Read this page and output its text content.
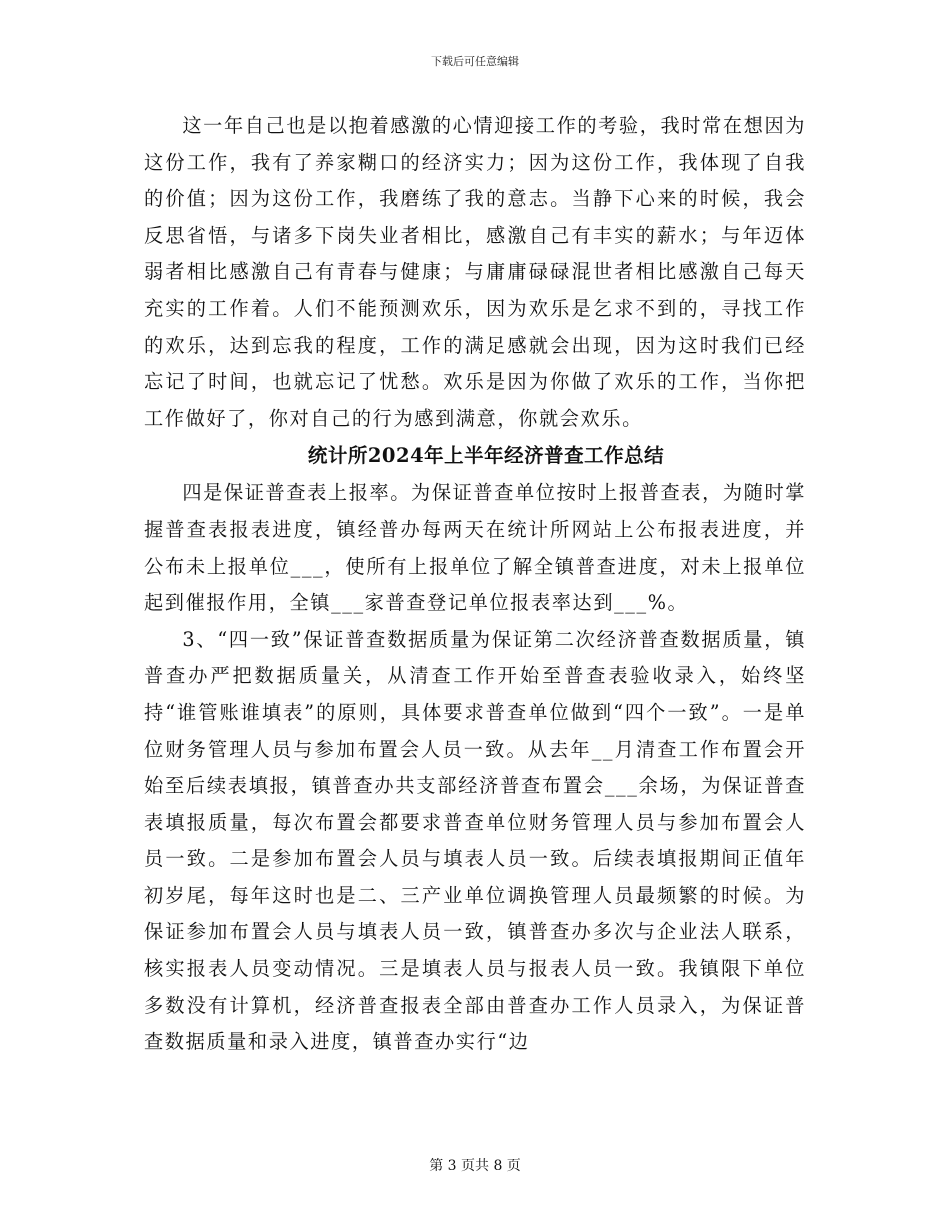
下载后可任意编辑

这一年自己也是以抱着感激的心情迎接工作的考验，我时常在想因为这份工作，我有了养家糊口的经济实力；因为这份工作，我体现了自我的价值；因为这份工作，我磨练了我的意志。当静下心来的时候，我会反思省悟，与诸多下岗失业者相比，感激自己有丰实的薪水；与年迈体弱者相比感激自己有青春与健康；与庸庸碌碌混世者相比感激自己每天充实的工作着。人们不能预测欢乐，因为欢乐是乞求不到的，寻找工作的欢乐，达到忘我的程度，工作的满足感就会出现，因为这时我们已经忘记了时间，也就忘记了忧愁。欢乐是因为你做了欢乐的工作，当你把工作做好了，你对自己的行为感到满意，你就会欢乐。

统计所2024年上半年经济普查工作总结

四是保证普查表上报率。为保证普查单位按时上报普查表，为随时掌握普查表报表进度，镇经普办每两天在统计所网站上公布报表进度，并公布未上报单位___，使所有上报单位了解全镇普查进度，对未上报单位起到催报作用，全镇___家普查登记单位报表率达到___%。

3、“四一致”保证普查数据质量为保证第二次经济普查数据质量，镇普查办严把数据质量关，从清查工作开始至普查表验收录入，始终坚持“谁管账谁填表”的原则，具体要求普查单位做到“四个一致”。一是单位财务管理人员与参加布置会人员一致。从去年__月清查工作布置会开始至后续表填报，镇普查办共支部经济普查布置会___余场，为保证普查表填报质量，每次布置会都要求普查单位财务管理人员与参加布置会人员一致。二是参加布置会人员与填表人员一致。后续表填报期间正值年初岁尾，每年这时也是二、三产业单位调换管理人员最频繁的时候。为保证参加布置会人员与填表人员一致，镇普查办多次与企业法人联系，核实报表人员变动情况。三是填表人员与报表人员一致。我镇限下单位多数没有计算机，经济普查报表全部由普查办工作人员录入，为保证普查数据质量和录入进度，镇普查办实行“边

第 3 页共 8 页
